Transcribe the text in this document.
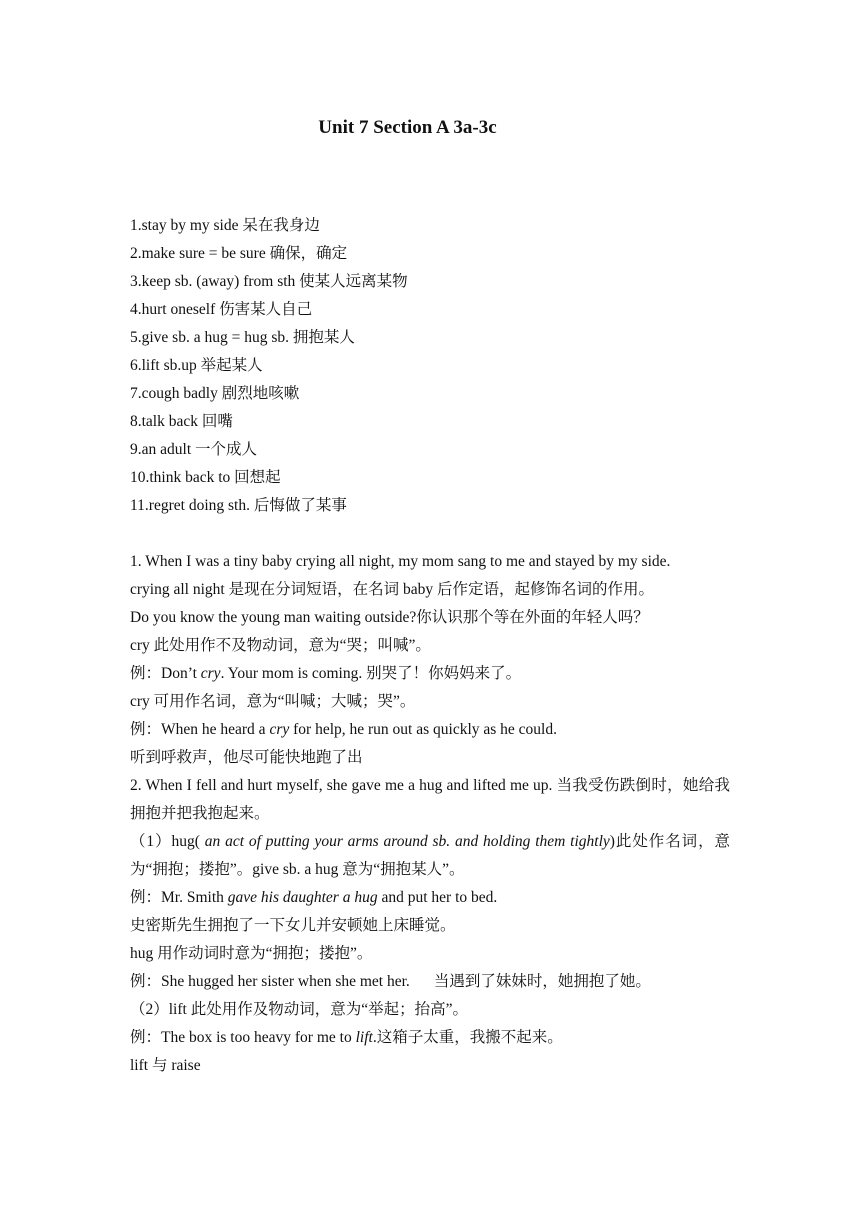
Unit 7 Section A 3a-3c
1.stay by my side 呆在我身边
2.make sure = be sure 确保，确定
3.keep sb. (away) from sth 使某人远离某物
4.hurt oneself 伤害某人自己
5.give sb. a hug = hug sb. 拥抱某人
6.lift sb.up 举起某人
7.cough badly 剧烈地咳嗽
8.talk back 回嘴
9.an adult 一个成人
10.think back to 回想起
11.regret doing sth. 后悔做了某事
1. When I was a tiny baby crying all night, my mom sang to me and stayed by my side.
crying all night 是现在分词短语，在名词 baby 后作定语，起修饰名词的作用。
Do you know the young man waiting outside?你认识那个等在外面的年轻人吗？
cry 此处用作不及物动词，意为“哭；叫喊”。
例：Don’t cry. Your mom is coming. 别哭了！你妈妈来了。
cry 可用作名词，意为“叫喊；大喊；哭”。
例：When he heard a cry for help, he run out as quickly as he could.
听到呼救声，他尽可能快地跑了出
2. When I fell and hurt myself, she gave me a hug and lifted me up. 当我受伤跌倒时，她给我拥抱并把我抱起来。
（1）hug( an act of putting your arms around sb. and holding them tightly)此处作名词，意为“拥抱；搂抱”。give sb. a hug 意为“拥抱某人”。
例：Mr. Smith gave his daughter a hug and put her to bed.
史密斯先生拥抱了一下女儿并安顿她上床睡觉。
hug 用作动词时意为“拥抱；搂抱”。
例：She hugged her sister when she met her. 当遇到了妹妹时，她拥抱了她。
（2）lift 此处用作及物动词，意为“举起；抬高”。
例：The box is too heavy for me to lift.这箱子太重，我搬不起来。
lift 与 raise
